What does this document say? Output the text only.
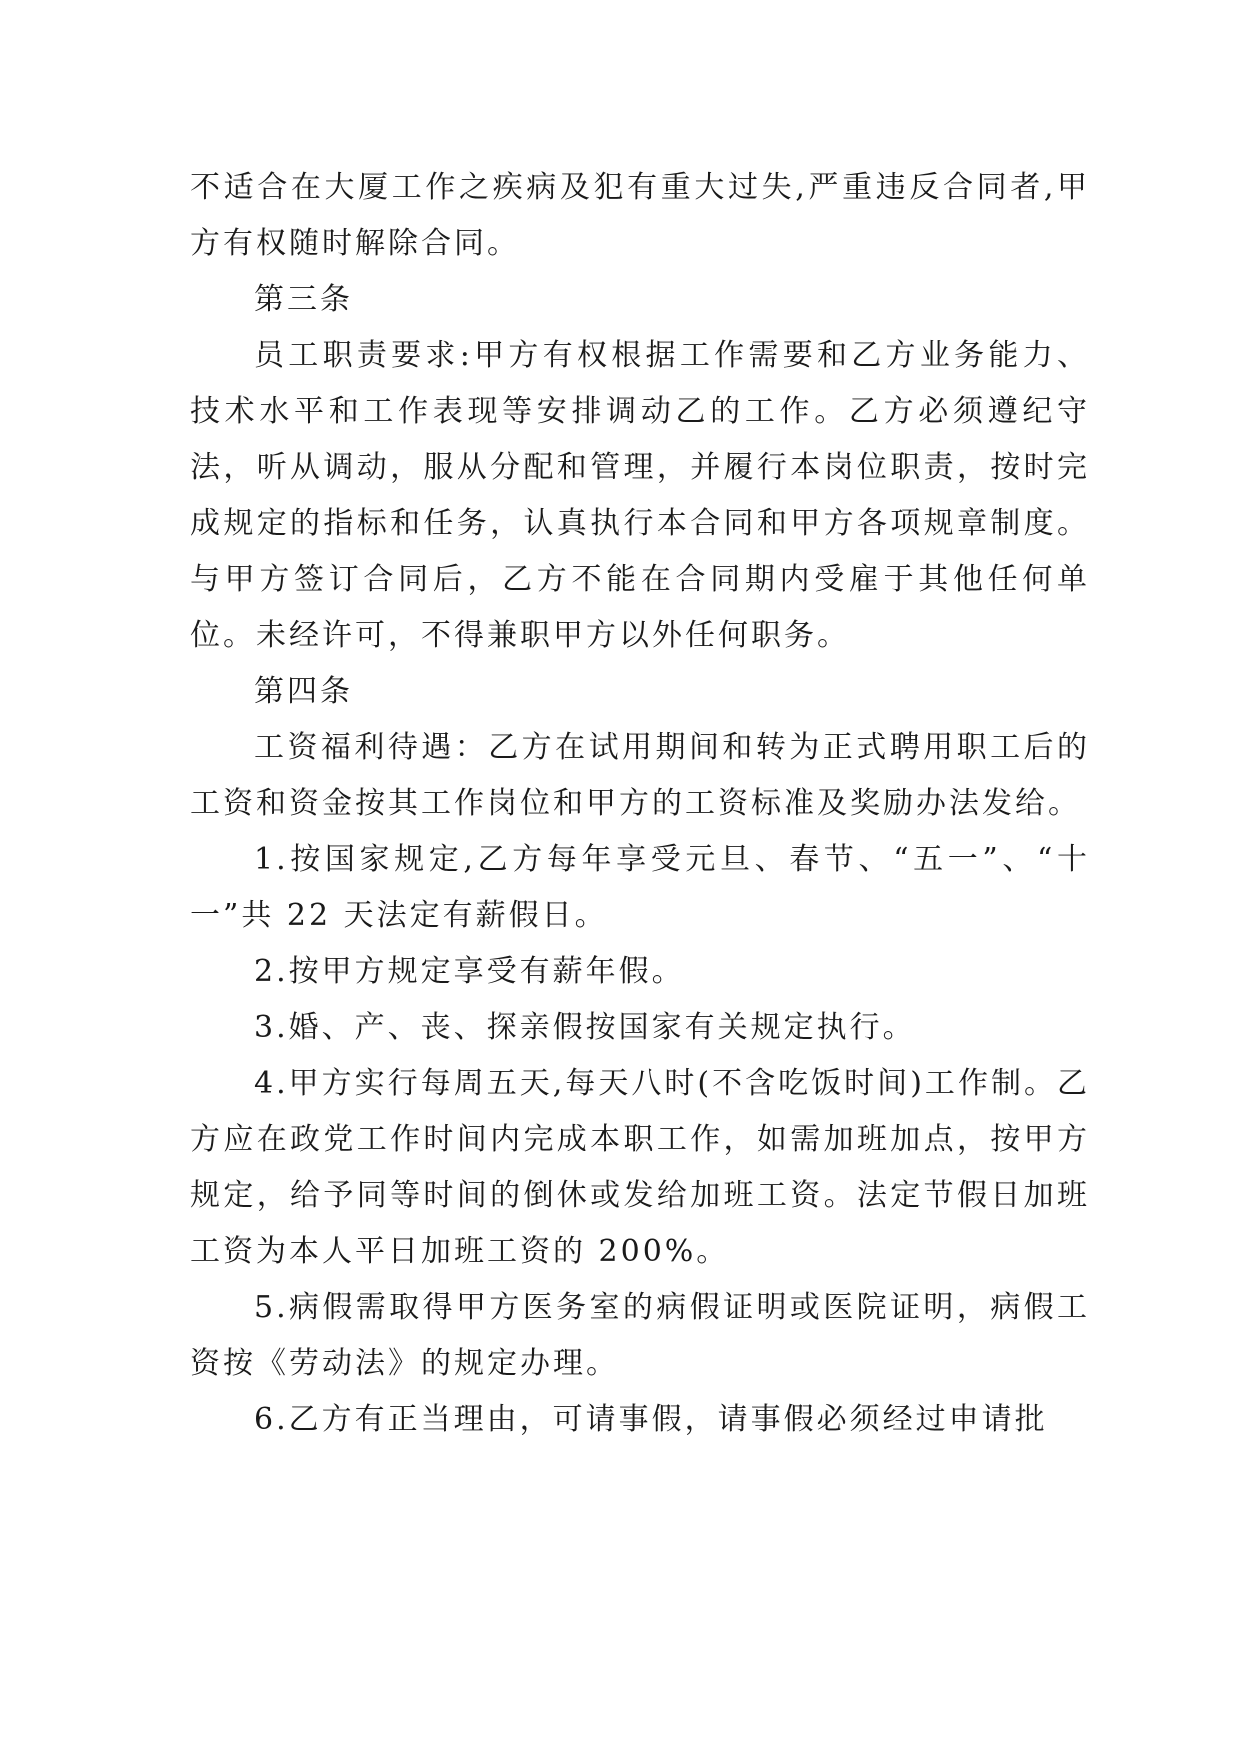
不适合在大厦工作之疾病及犯有重大过失,严重违反合同者,甲方有权随时解除合同。

第三条

员工职责要求:甲方有权根据工作需要和乙方业务能力、技术水平和工作表现等安排调动乙的工作。乙方必须遵纪守法，听从调动，服从分配和管理，并履行本岗位职责，按时完成规定的指标和任务，认真执行本合同和甲方各项规章制度。与甲方签订合同后，乙方不能在合同期内受雇于其他任何单位。未经许可，不得兼职甲方以外任何职务。

第四条

工资福利待遇：乙方在试用期间和转为正式聘用职工后的工资和资金按其工作岗位和甲方的工资标准及奖励办法发给。

1.按国家规定,乙方每年享受元旦、春节、“五一”、“十一”共 22 天法定有薪假日。

2.按甲方规定享受有薪年假。

3.婚、产、丧、探亲假按国家有关规定执行。

4.甲方实行每周五天,每天八时(不含吃饭时间)工作制。乙方应在政党工作时间内完成本职工作，如需加班加点，按甲方规定，给予同等时间的倒休或发给加班工资。法定节假日加班工资为本人平日加班工资的 200%。

5.病假需取得甲方医务室的病假证明或医院证明，病假工资按《劳动法》的规定办理。

6.乙方有正当理由，可请事假，请事假必须经过申请批
